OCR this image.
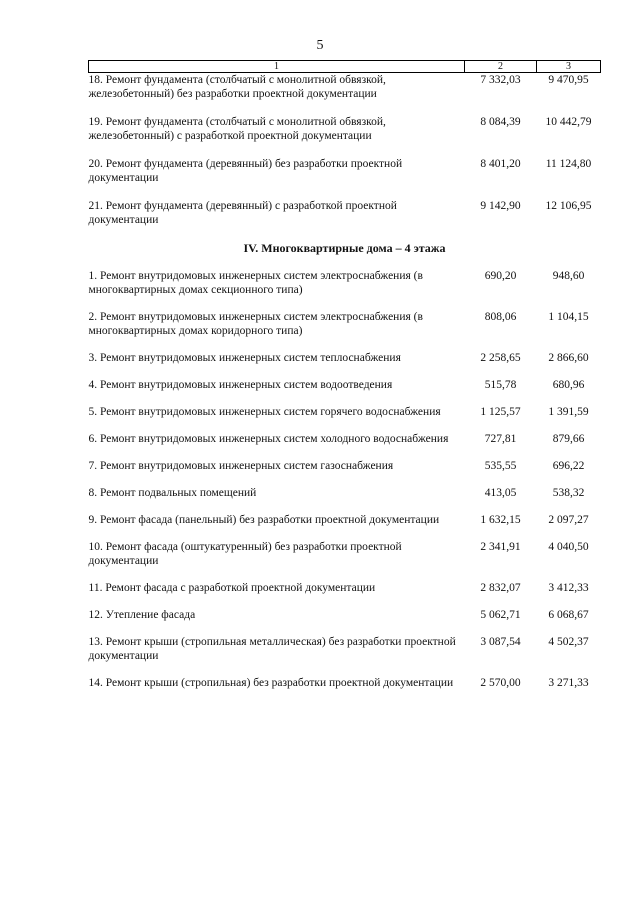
5
1	2	3
18. Ремонт фундамента (столбчатый с монолитной обвязкой, железобетонный) без разработки проектной документации	7 332,03	9 470,95

19. Ремонт фундамента (столбчатый с монолитной обвязкой, железобетонный) с разработкой проектной документации	8 084,39	10 442,79

20. Ремонт фундамента (деревянный) без разработки проектной документации	8 401,20	11 124,80

21. Ремонт фундамента (деревянный) с разработкой проектной документации	9 142,90	12 106,95

IV. Многоквартирные дома – 4 этажа		

1. Ремонт внутридомовых инженерных систем электроснабжения (в многоквартирных домах секционного типа)	690,20	948,60

2. Ремонт внутридомовых инженерных систем электроснабжения (в многоквартирных домах коридорного типа)	808,06	1 104,15

3. Ремонт внутридомовых инженерных систем теплоснабжения	2 258,65	2 866,60

4. Ремонт внутридомовых инженерных систем водоотведения	515,78	680,96

5. Ремонт внутридомовых инженерных систем горячего водоснабжения	1 125,57	1 391,59

6. Ремонт внутридомовых инженерных систем холодного водоснабжения	727,81	879,66

7. Ремонт внутридомовых инженерных систем газоснабжения	535,55	696,22

8. Ремонт подвальных помещений	413,05	538,32

9. Ремонт фасада (панельный) без разработки проектной документации	1 632,15	2 097,27

10. Ремонт фасада (оштукатуренный) без разработки проектной документации	2 341,91	4 040,50

11. Ремонт фасада с разработкой проектной документации	2 832,07	3 412,33

12. Утепление фасада	5 062,71	6 068,67

13. Ремонт крыши (стропильная металлическая) без разработки проектной документации	3 087,54	4 502,37

14. Ремонт крыши (стропильная) без разработки проектной документации	2 570,00	3 271,33
